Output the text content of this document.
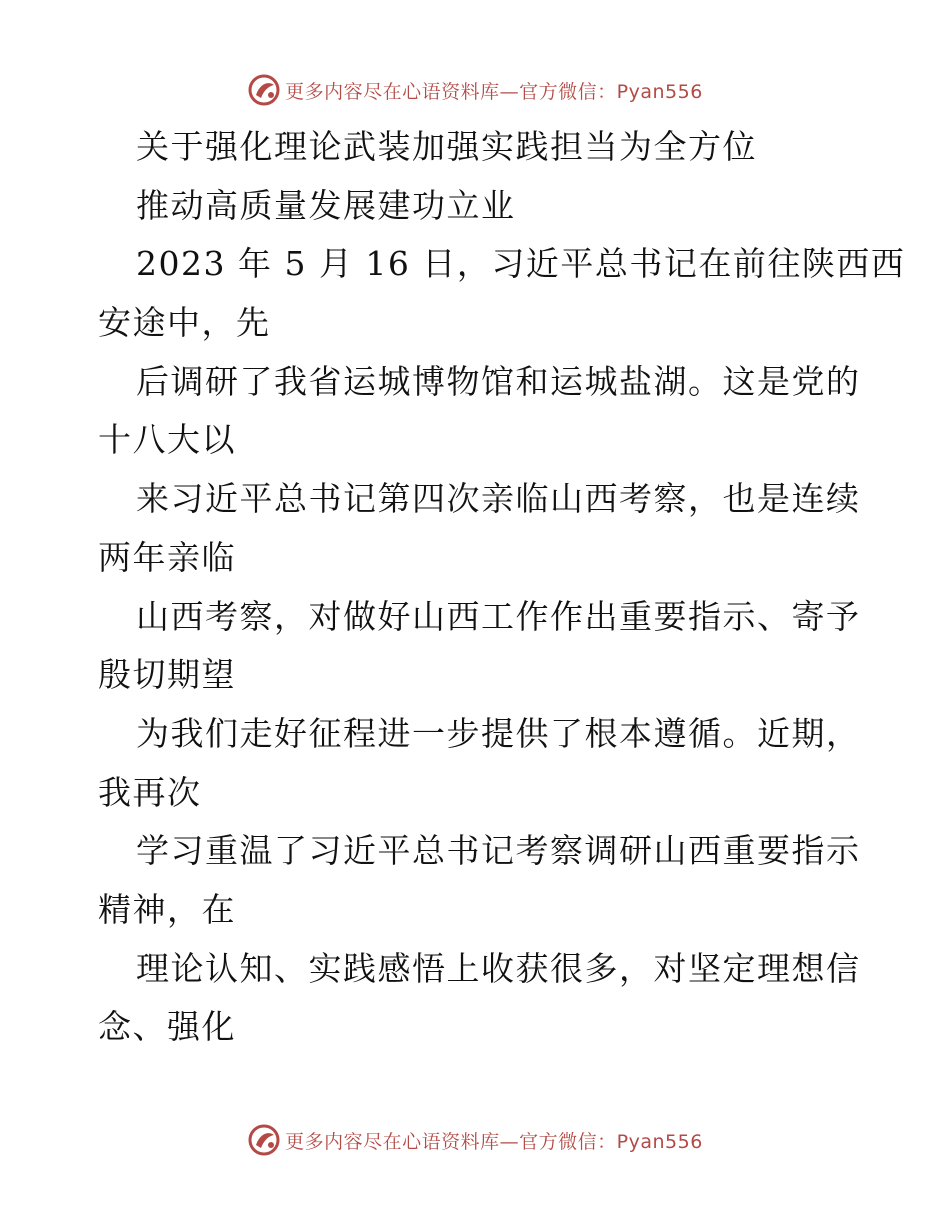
更多内容尽在心语资料库—官方微信：Pyan556
关于强化理论武装加强实践担当为全方位
推动高质量发展建功立业
2023 年 5 月 16 日，习近平总书记在前往陕西西
安途中，先
后调研了我省运城博物馆和运城盐湖。这是党的
十八大以
来习近平总书记第四次亲临山西考察，也是连续
两年亲临
山西考察，对做好山西工作作出重要指示、寄予
殷切期望
为我们走好征程进一步提供了根本遵循。近期，
我再次
学习重温了习近平总书记考察调研山西重要指示
精神，在
理论认知、实践感悟上收获很多，对坚定理想信
念、强化
更多内容尽在心语资料库—官方微信：Pyan556
